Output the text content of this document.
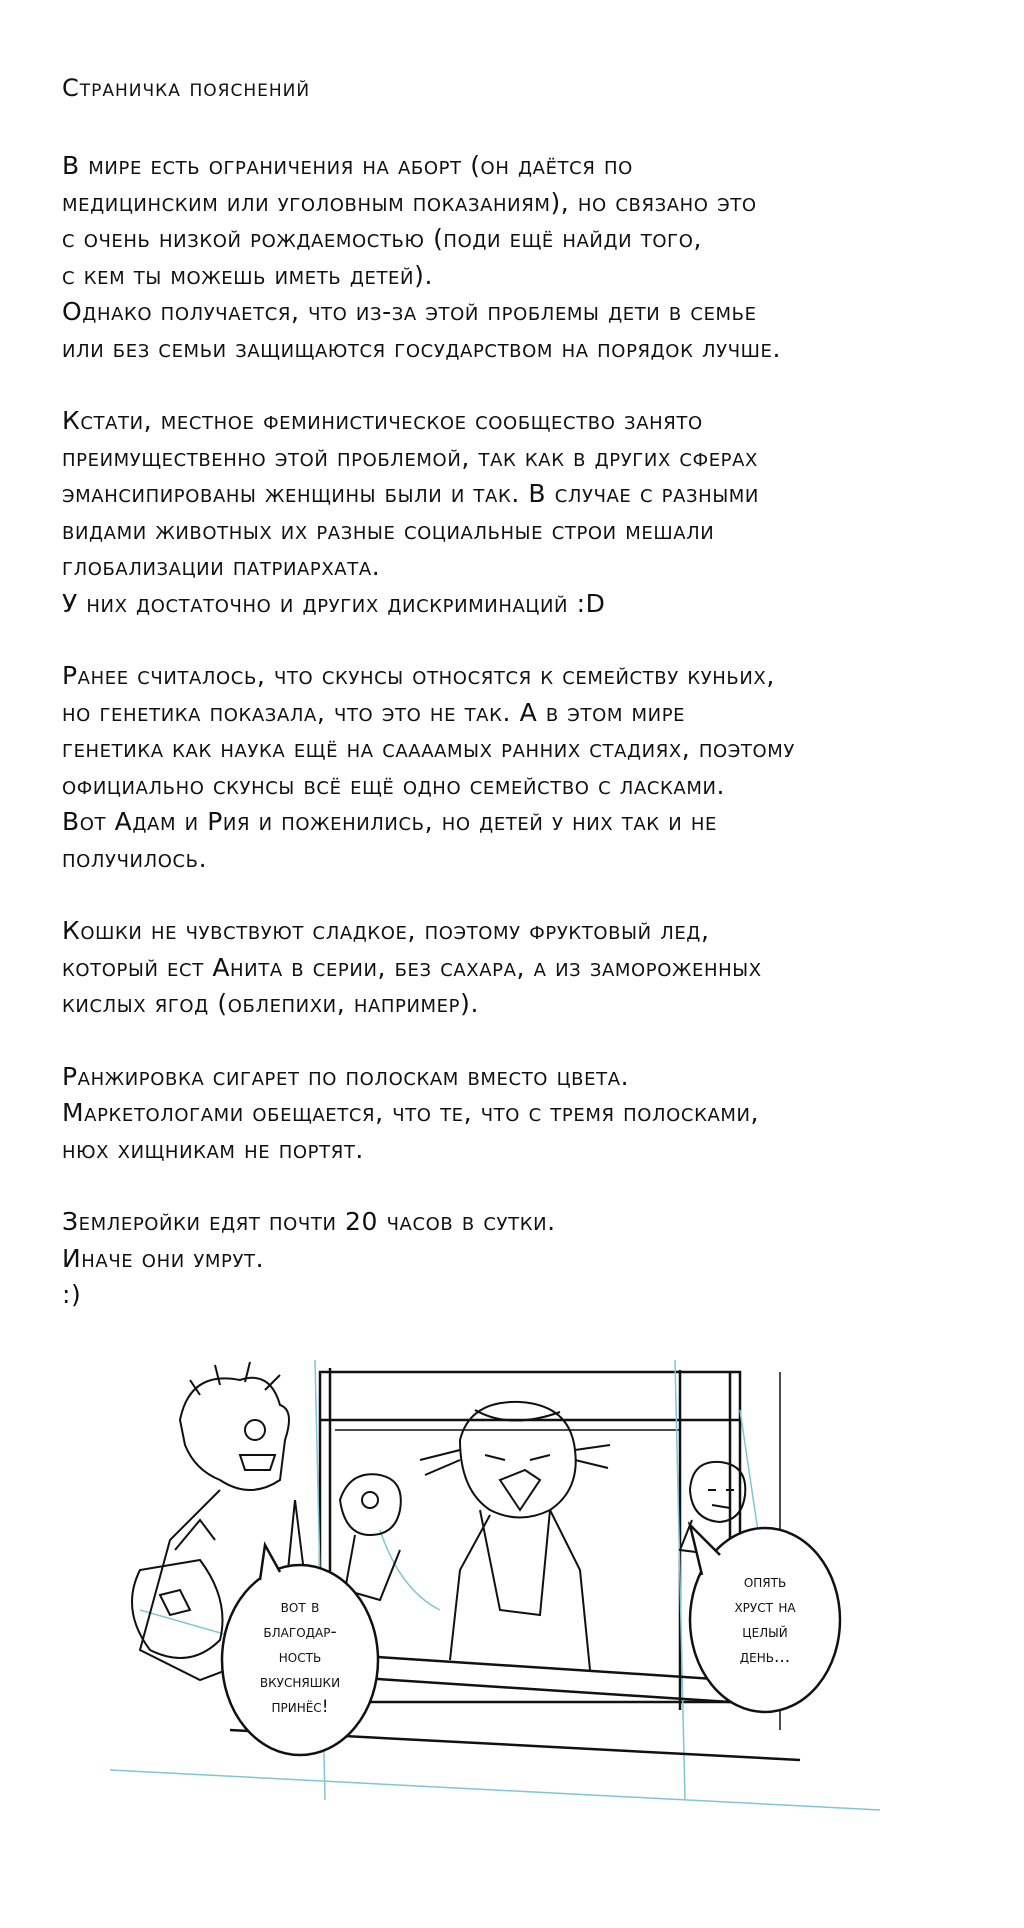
Страничка пояснений
В мире есть ограничения на аборт (он даётся по
медицинским или уголовным показаниям), но связано это
с очень низкой рождаемостью (поди ещё найди того,
с кем ты можешь иметь детей).
Однако получается, что из-за этой проблемы дети в семье
или без семьи защищаются государством на порядок лучше.
Кстати, местное феминистическое сообщество занято
преимущественно этой проблемой, так как в других сферах
эмансипированы женщины были и так. В случае с разными
видами животных их разные социальные строи мешали
глобализации патриархата.
У них достаточно и других дискриминаций :D
Ранее считалось, что скунсы относятся к семейству куньих,
но генетика показала, что это не так. А в этом мире
генетика как наука ещё на саааамых ранних стадиях, поэтому
официально скунсы всё ещё одно семейство с ласками.
Вот Адам и Рия и поженились, но детей у них так и не
получилось.
Кошки не чувствуют сладкое, поэтому фруктовый лед,
который ест Анита в серии, без сахара, а из замороженных
кислых ягод (облепихи, например).
Ранжировка сигарет по полоскам вместо цвета.
Маркетологами обещается, что те, что с тремя полосками,
нюх хищникам не портят.
Землеройки едят почти 20 часов в сутки.
Иначе они умрут.
:)
вот в
благодар-
ность
вкусняшки
принёс!
опять
хруст на
целый
день...
